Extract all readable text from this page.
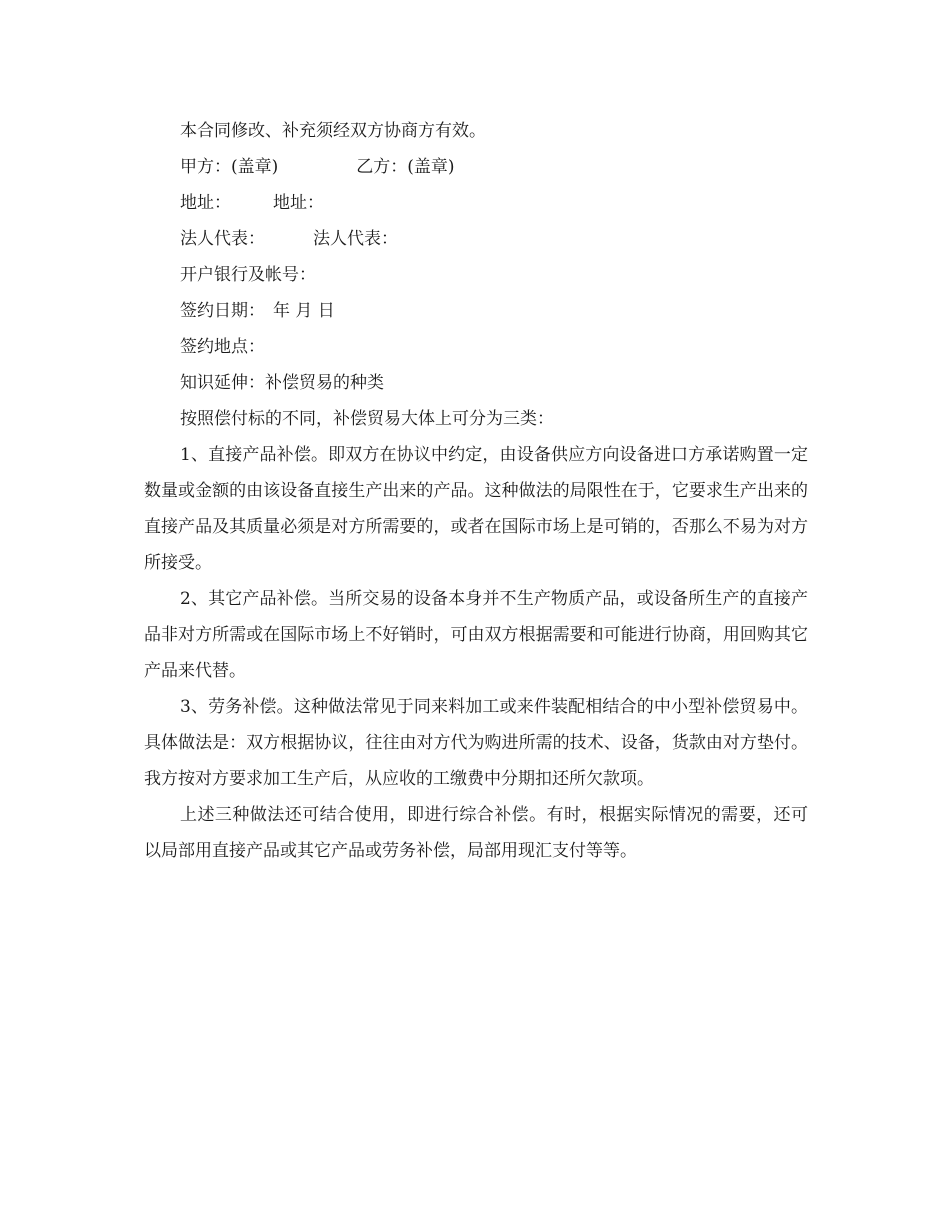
本合同修改、补充须经双方协商方有效。

甲方：(盖章)	乙方：(盖章)

地址： 地址：

法人代表：	法人代表：

开户银行及帐号：

签约日期： 年 月 日

签约地点：

知识延伸：补偿贸易的种类

按照偿付标的不同，补偿贸易大体上可分为三类：

1、直接产品补偿。即双方在协议中约定，由设备供应方向设备进口方承诺购置一定数量或金额的由该设备直接生产出来的产品。这种做法的局限性在于，它要求生产出来的直接产品及其质量必须是对方所需要的，或者在国际市场上是可销的，否那么不易为对方所接受。

2、其它产品补偿。当所交易的设备本身并不生产物质产品，或设备所生产的直接产品非对方所需或在国际市场上不好销时，可由双方根据需要和可能进行协商，用回购其它产品来代替。

3、劳务补偿。这种做法常见于同来料加工或来件装配相结合的中小型补偿贸易中。具体做法是：双方根据协议，往往由对方代为购进所需的技术、设备，货款由对方垫付。我方按对方要求加工生产后，从应收的工缴费中分期扣还所欠款项。

上述三种做法还可结合使用，即进行综合补偿。有时，根据实际情况的需要，还可以局部用直接产品或其它产品或劳务补偿，局部用现汇支付等等。
